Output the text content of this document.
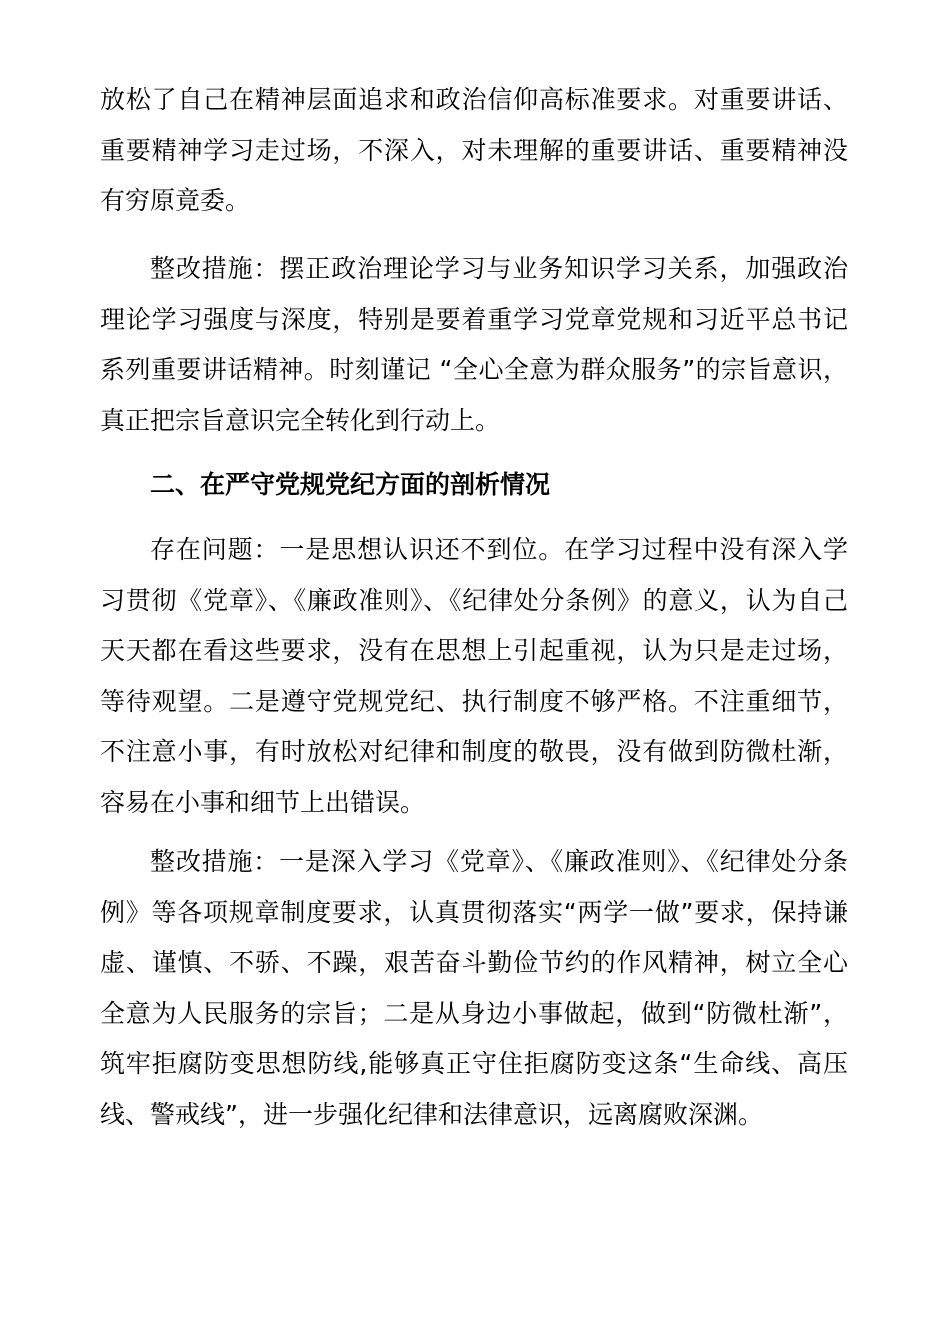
放松了自己在精神层面追求和政治信仰高标准要求。对重要讲话、重要精神学习走过场，不深入，对未理解的重要讲话、重要精神没有穷原竟委。

整改措施：摆正政治理论学习与业务知识学习关系，加强政治理论学习强度与深度，特别是要着重学习党章党规和习近平总书记系列重要讲话精神。时刻谨记 “全心全意为群众服务”的宗旨意识，真正把宗旨意识完全转化到行动上。

二、在严守党规党纪方面的剖析情况

存在问题：一是思想认识还不到位。在学习过程中没有深入学习贯彻《党章》、《廉政准则》、《纪律处分条例》的意义，认为自己天天都在看这些要求，没有在思想上引起重视，认为只是走过场，等待观望。二是遵守党规党纪、执行制度不够严格。不注重细节，不注意小事，有时放松对纪律和制度的敬畏，没有做到防微杜渐，容易在小事和细节上出错误。

整改措施：一是深入学习《党章》、《廉政准则》、《纪律处分条例》等各项规章制度要求，认真贯彻落实“两学一做”要求，保持谦虚、谨慎、不骄、不躁，艰苦奋斗勤俭节约的作风精神，树立全心全意为人民服务的宗旨；二是从身边小事做起，做到“防微杜渐”，筑牢拒腐防变思想防线,能够真正守住拒腐防变这条“生命线、高压线、警戒线”，进一步强化纪律和法律意识，远离腐败深渊。
